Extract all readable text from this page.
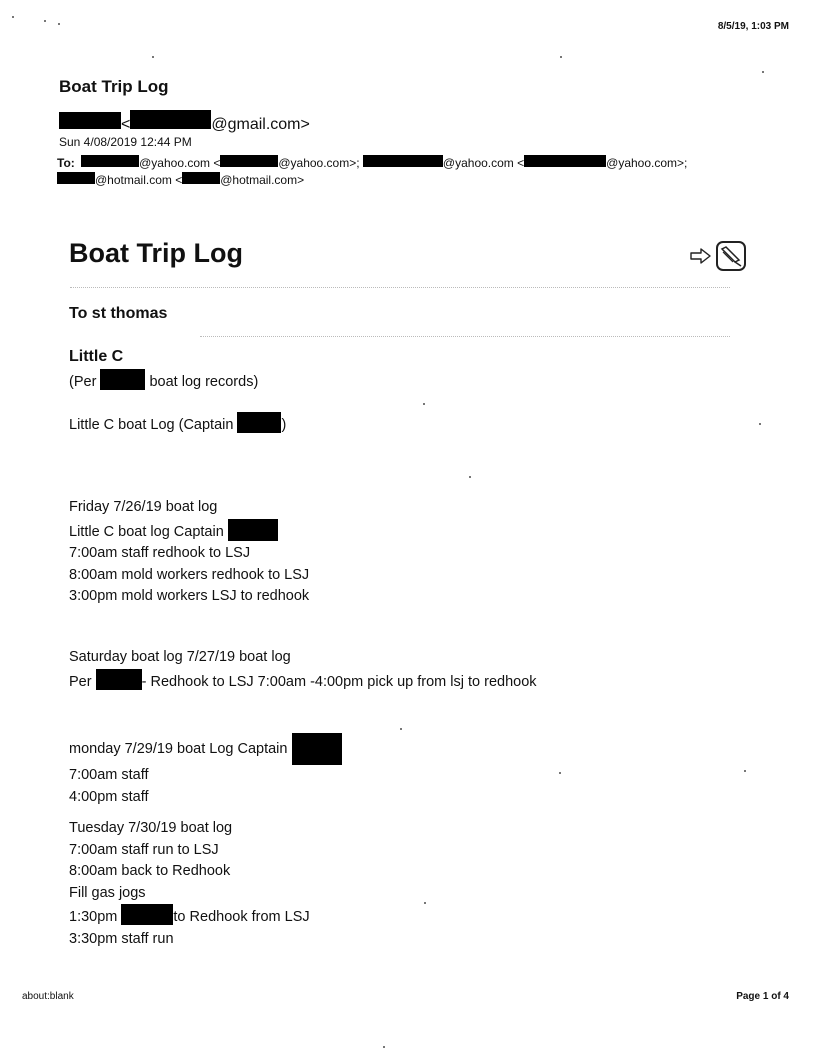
8/5/19, 1:03 PM
about:blank	Page 1 of 4
Boat Trip Log
<	@gmail.com>
Sun 4/08/2019 12:44 PM
To:	@yahoo.com <	@yahoo.com>;	@yahoo.com <	@yahoo.com>;
@hotmail.com <	@hotmail.com>
Boat Trip Log
To st thomas
Little C
(Per	boat log records)
Little C boat Log (Captain	)
Friday 7/26/19 boat log
Little C boat log Captain
7:00am staff redhook to LSJ
8:00am mold workers redhook to LSJ
3:00pm mold workers LSJ to redhook
Saturday boat log 7/27/19 boat log
Per	- Redhook to LSJ 7:00am -4:00pm pick up from lsj to redhook
monday 7/29/19 boat Log Captain
7:00am staff
4:00pm staff
Tuesday 7/30/19 boat log
7:00am staff run to LSJ
8:00am back to Redhook
Fill gas jogs
1:30pm	to Redhook from LSJ
3:30pm staff run
